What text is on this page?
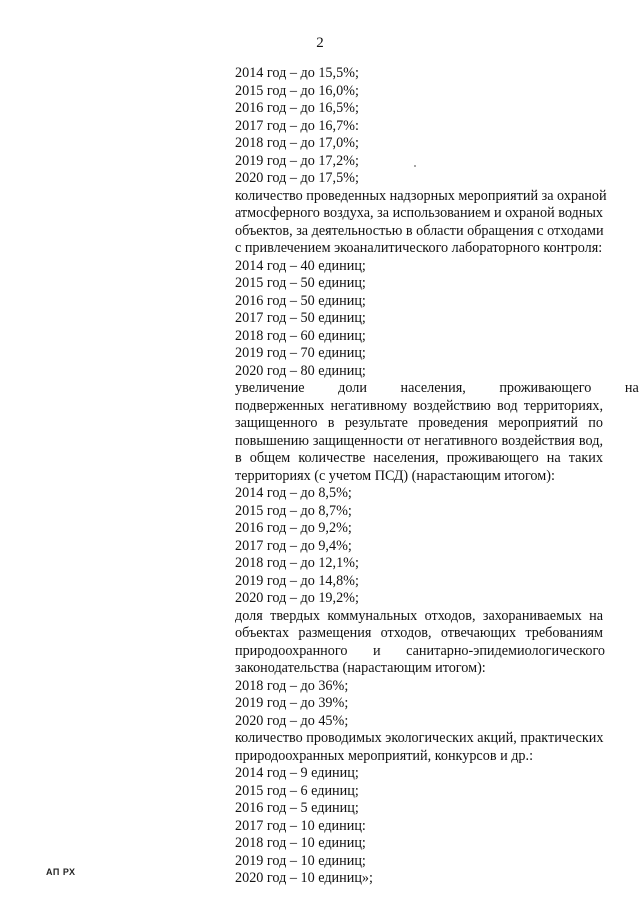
2
2014 год – до 15,5%;
2015 год – до 16,0%;
2016 год – до 16,5%;
2017 год – до 16,7%:
2018 год – до 17,0%;
2019 год – до 17,2%;
2020 год – до 17,5%;
количество проведенных надзорных мероприятий за охраной
атмосферного воздуха, за использованием и охраной водных
объектов, за деятельностью в области обращения с отходами
с привлечением экоаналитического лабораторного контроля:
2014 год – 40 единиц;
2015 год – 50 единиц;
2016 год – 50 единиц;
2017 год – 50 единиц;
2018 год – 60 единиц;
2019 год – 70 единиц;
2020 год – 80 единиц;
увеличение доли населения, проживающего на
подверженных негативному воздействию вод территориях,
защищенного в результате проведения мероприятий по
повышению защищенности от негативного воздействия вод,
в общем количестве населения, проживающего на таких
территориях (с учетом ПСД) (нарастающим итогом):
2014 год – до 8,5%;
2015 год – до 8,7%;
2016 год – до 9,2%;
2017 год – до 9,4%;
2018 год – до 12,1%;
2019 год – до 14,8%;
2020 год – до 19,2%;
доля твердых коммунальных отходов, захораниваемых на
объектах размещения отходов, отвечающих требованиям
природоохранного и санитарно-эпидемиологического
законодательства (нарастающим итогом):
2018 год – до 36%;
2019 год – до 39%;
2020 год – до 45%;
количество проводимых экологических акций, практических
природоохранных мероприятий, конкурсов и др.:
2014 год – 9 единиц;
2015 год – 6 единиц;
2016 год – 5 единиц;
2017 год – 10 единиц:
2018 год – 10 единиц;
2019 год – 10 единиц;
2020 год – 10 единиц»;
АП РХ
